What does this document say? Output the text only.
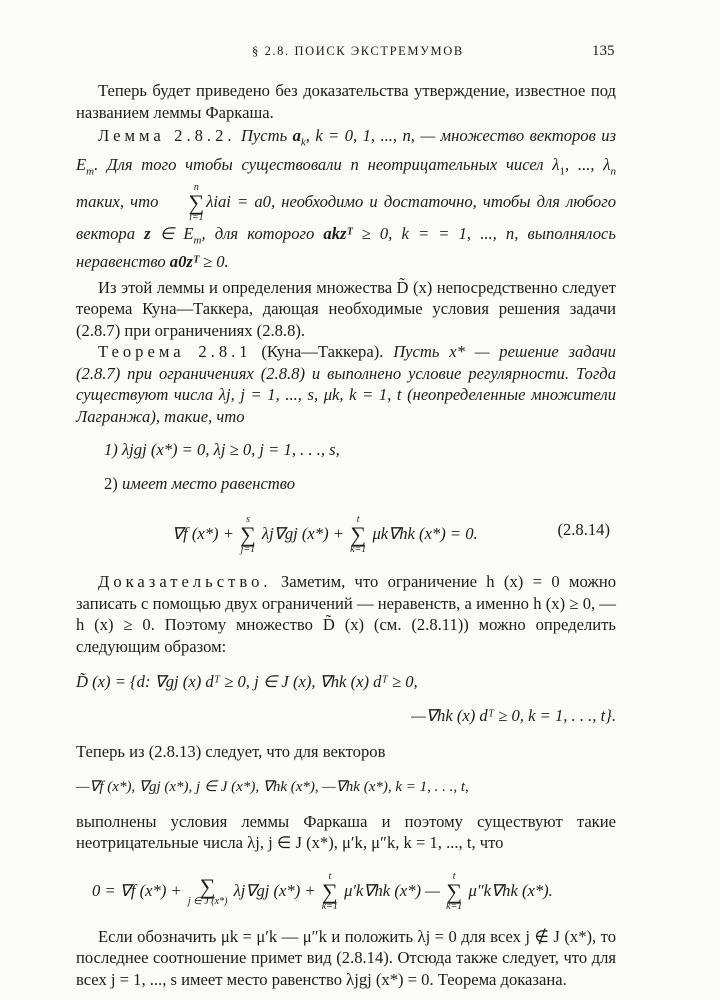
§ 2.8. ПОИСК ЭКСТРЕМУМОВ	135

Теперь будет приведено без доказательства утверждение, известное под названием леммы Фаркаша.

Лемма 2.8.2. Пусть $a_k$, k = 0, 1, ..., n, — множество векторов из $E_m$. Для того чтобы существовали n неотрицательных чисел $\lambda_1$, ..., $\lambda_n$ таких, что
n
∑
i=1
λiai = a0, необходимо и достаточно, чтобы для любого вектора z ∈ $E_m$, для которого akzᵀ ≥ 0, k = = 1, ..., n, выполнялось неравенство a0zᵀ ≥ 0.

Из этой леммы и определения множества D̃ (x) непосредственно следует теорема Куна—Таккера, дающая необходимые условия решения задачи (2.8.7) при ограничениях (2.8.8).

Теорема 2.8.1 (Куна—Таккера). Пусть x* — решение задачи (2.8.7) при ограничениях (2.8.8) и выполнено условие регулярности. Тогда существуют числа λj, j = 1, ..., s, μk, k = 1, t (неопределенные множители Лагранжа), такие, что

1) λjgj (x*) = 0, λj ≥ 0, j = 1, . . ., s,
2) имеет место равенство
∇f (x*) +
s
∑
j=1
λj∇gj (x*) +
t
∑
k=1
μk∇hk (x*) = 0.	(2.8.14)

Доказательство. Заметим, что ограничение h (x) = 0 можно записать с помощью двух ограничений — неравенств, а именно h (x) ≥ 0, —h (x) ≥ 0. Поэтому множество D̃ (x) (см. (2.8.11)) можно определить следующим образом:

D̃ (x) = {d: ∇gj (x) dᵀ ≥ 0, j ∈ J (x), ∇hk (x) dᵀ ≥ 0,
—∇hk (x) dᵀ ≥ 0, k = 1, . . ., t}.

Теперь из (2.8.13) следует, что для векторов

—∇f (x*), ∇gj (x*), j ∈ J (x*), ∇hk (x*), —∇hk (x*), k = 1, . . ., t,

выполнены условия леммы Фаркаша и поэтому существуют такие неотрицательные числа λj, j ∈ J (x*), μ′k, μ″k, k = 1, ..., t, что

0 = ∇f (x*) + ∑
j ∈ J (x*)
λj∇gj (x*) +
t
∑
k=1
μ′k∇hk (x*) —
t
∑
k=1
μ″k∇hk (x*).

Если обозначить μk = μ′k — μ″k и положить λj = 0 для всех j ∉ J (x*), то последнее соотношение примет вид (2.8.14). Отсюда также следует, что для всех j = 1, ..., s имеет место равенство λjgj (x*) = 0. Теорема доказана.
